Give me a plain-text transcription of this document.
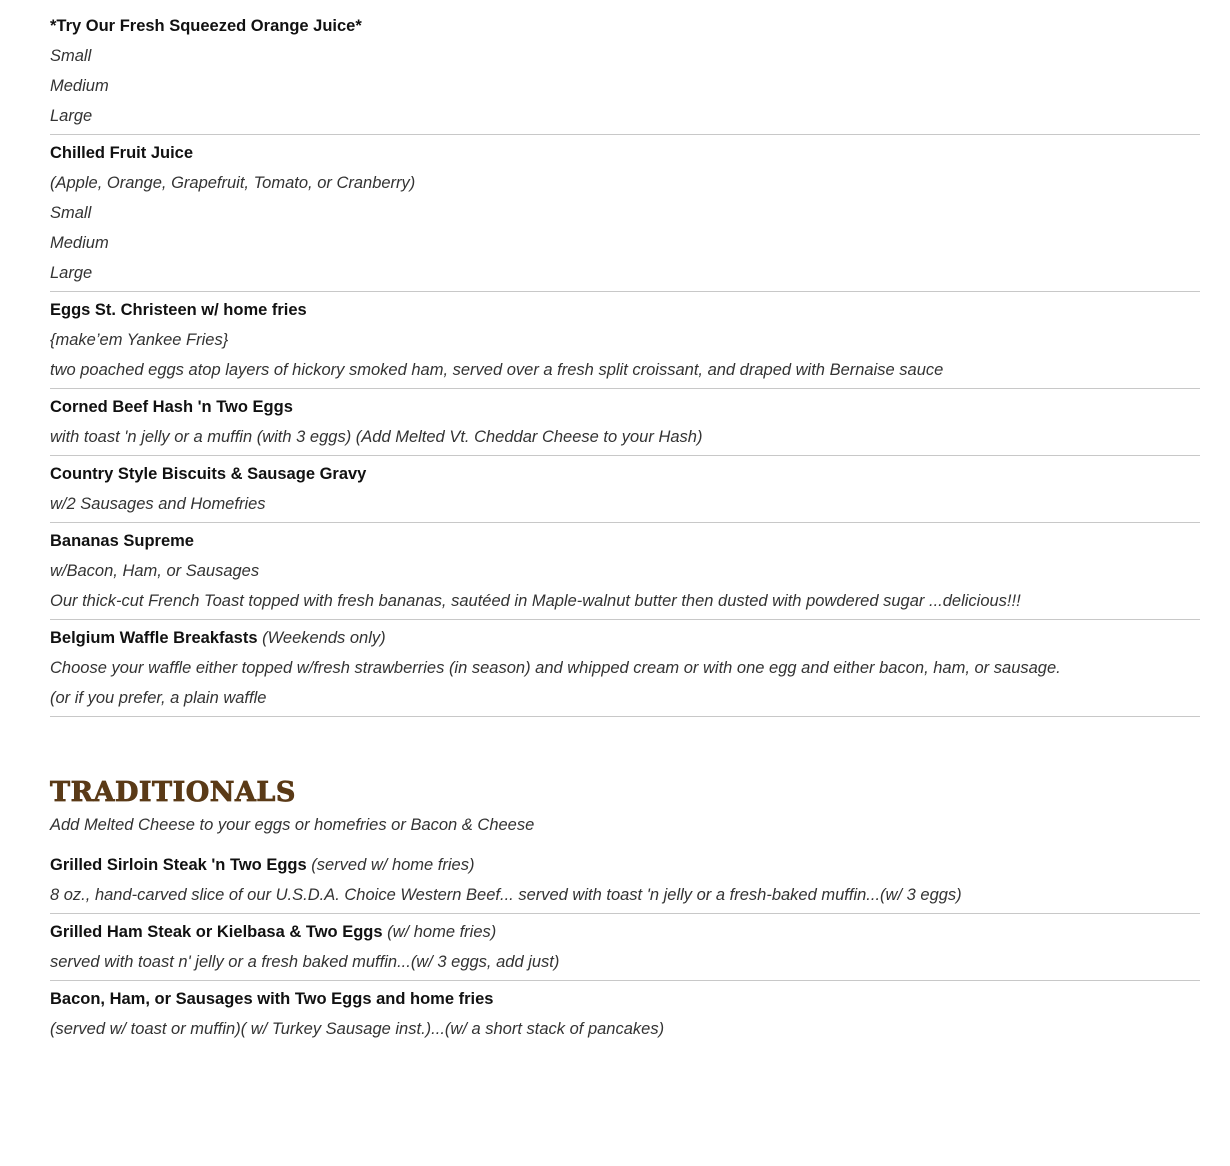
*Try Our Fresh Squeezed Orange Juice*
Small
Medium
Large
Chilled Fruit Juice
(Apple, Orange, Grapefruit, Tomato, or Cranberry)
Small
Medium
Large
Eggs St. Christeen w/ home fries
{make’em Yankee Fries}
two poached eggs atop layers of hickory smoked ham, served over a fresh split croissant, and draped with Bernaise sauce
Corned Beef Hash 'n Two Eggs
with toast 'n jelly or a muffin (with 3 eggs) (Add Melted Vt. Cheddar Cheese to your Hash)
Country Style Biscuits & Sausage Gravy
w/2 Sausages and Homefries
Bananas Supreme
w/Bacon, Ham, or Sausages
Our thick-cut French Toast topped with fresh bananas, sautéed in Maple-walnut butter then dusted with powdered sugar ...delicious!!!
Belgium Waffle Breakfasts (Weekends only)
Choose your waffle either topped w/fresh strawberries (in season) and whipped cream or with one egg and either bacon, ham, or sausage.
(or if you prefer, a plain waffle
TRADITIONALS
Add Melted Cheese to your eggs or homefries or Bacon & Cheese
Grilled Sirloin Steak 'n Two Eggs (served w/ home fries)
8 oz., hand-carved slice of our U.S.D.A. Choice Western Beef... served with toast 'n jelly or a fresh-baked muffin...(w/ 3 eggs)
Grilled Ham Steak or Kielbasa & Two Eggs (w/ home fries)
served with toast n' jelly or a fresh baked muffin...(w/ 3 eggs, add just)
Bacon, Ham, or Sausages with Two Eggs and home fries
(served w/ toast or muffin)( w/ Turkey Sausage inst.)...(w/ a short stack of pancakes)
